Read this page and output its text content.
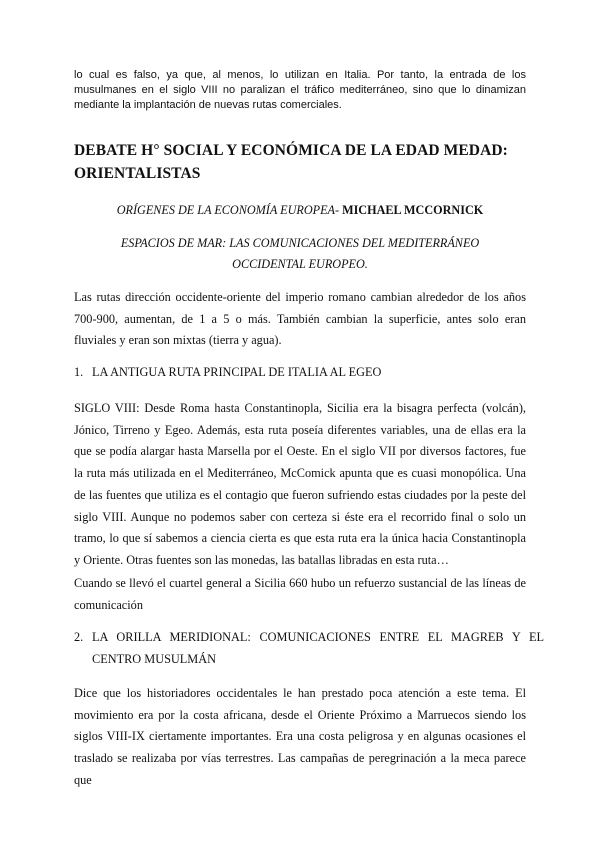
lo cual es falso, ya que, al menos, lo utilizan en Italia. Por tanto, la entrada de los musulmanes en el siglo VIII no paralizan el tráfico mediterráneo, sino que lo dinamizan mediante la implantación de nuevas rutas comerciales.

DEBATE H° SOCIAL Y ECONÓMICA DE LA EDAD MEDAD: ORIENTALISTAS

ORÍGENES DE LA ECONOMÍA EUROPEA- MICHAEL MCCORNICK

ESPACIOS DE MAR: LAS COMUNICACIONES DEL MEDITERRÁNEO OCCIDENTAL EUROPEO.

Las rutas dirección occidente-oriente del imperio romano cambian alrededor de los años 700-900, aumentan, de 1 a 5 o más. También cambian la superficie, antes solo eran fluviales y eran son mixtas (tierra y agua).

1. LA ANTIGUA RUTA PRINCIPAL DE ITALIA AL EGEO

SIGLO VIII: Desde Roma hasta Constantinopla, Sicilia era la bisagra perfecta (volcán), Jónico, Tirreno y Egeo. Además, esta ruta poseía diferentes variables, una de ellas era la que se podía alargar hasta Marsella por el Oeste. En el siglo VII por diversos factores, fue la ruta más utilizada en el Mediterráneo, McComick apunta que es cuasi monopólica. Una de las fuentes que utiliza es el contagio que fueron sufriendo estas ciudades por la peste del siglo VIII. Aunque no podemos saber con certeza si éste era el recorrido final o solo un tramo, lo que sí sabemos a ciencia cierta es que esta ruta era la única hacia Constantinopla y Oriente. Otras fuentes son las monedas, las batallas libradas en esta ruta…

Cuando se llevó el cuartel general a Sicilia 660 hubo un refuerzo sustancial de las líneas de comunicación

2. LA ORILLA MERIDIONAL: COMUNICACIONES ENTRE EL MAGREB Y EL CENTRO MUSULMÁN

Dice que los historiadores occidentales le han prestado poca atención a este tema. El movimiento era por la costa africana, desde el Oriente Próximo a Marruecos siendo los siglos VIII-IX ciertamente importantes. Era una costa peligrosa y en algunas ocasiones el traslado se realizaba por vías terrestres. Las campañas de peregrinación a la meca parece que
